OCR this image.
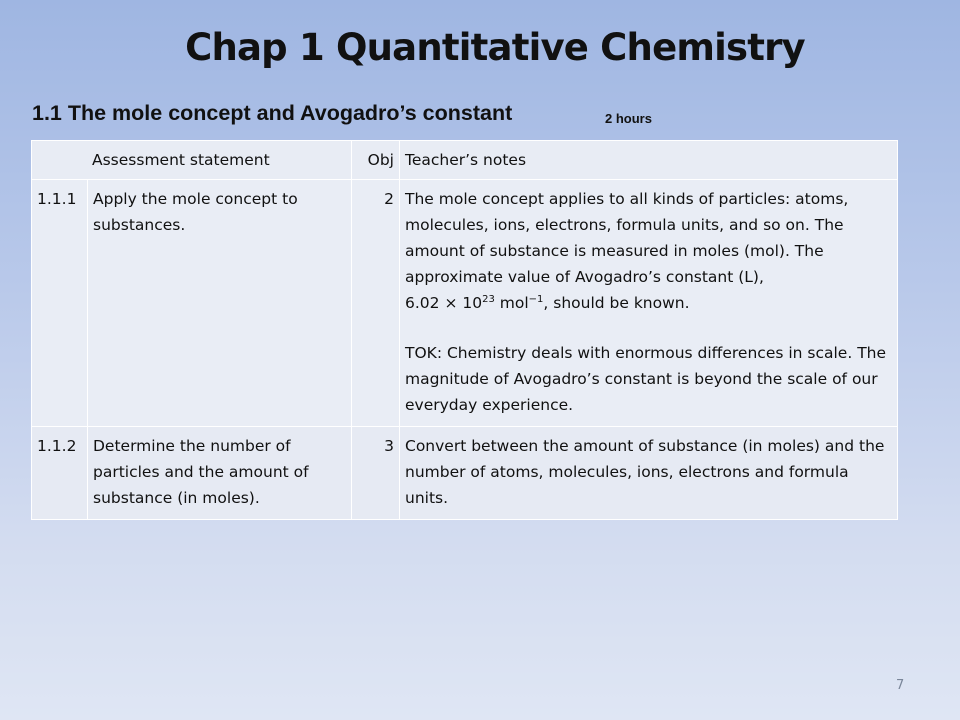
Chap 1 Quantitative Chemistry
1.1 The mole concept and Avogadro’s constant	2 hours
Assessment statement		Obj	Teacher’s notes
1.1.1	Apply the mole concept to substances.	2	The mole concept applies to all kinds of particles: atoms, molecules, ions, electrons, formula units, and so on. The amount of substance is measured in moles (mol). The approximate value of Avogadro’s constant (L),
$6.02 \times 10^{23}$ mol$^{-1}$, should be known.
TOK: Chemistry deals with enormous differences in scale. The magnitude of Avogadro’s constant is beyond the scale of our everyday experience.
1.1.2	Determine the number of particles and the amount of substance (in moles).	3	Convert between the amount of substance (in moles) and the number of atoms, molecules, ions, electrons and formula units.
7
